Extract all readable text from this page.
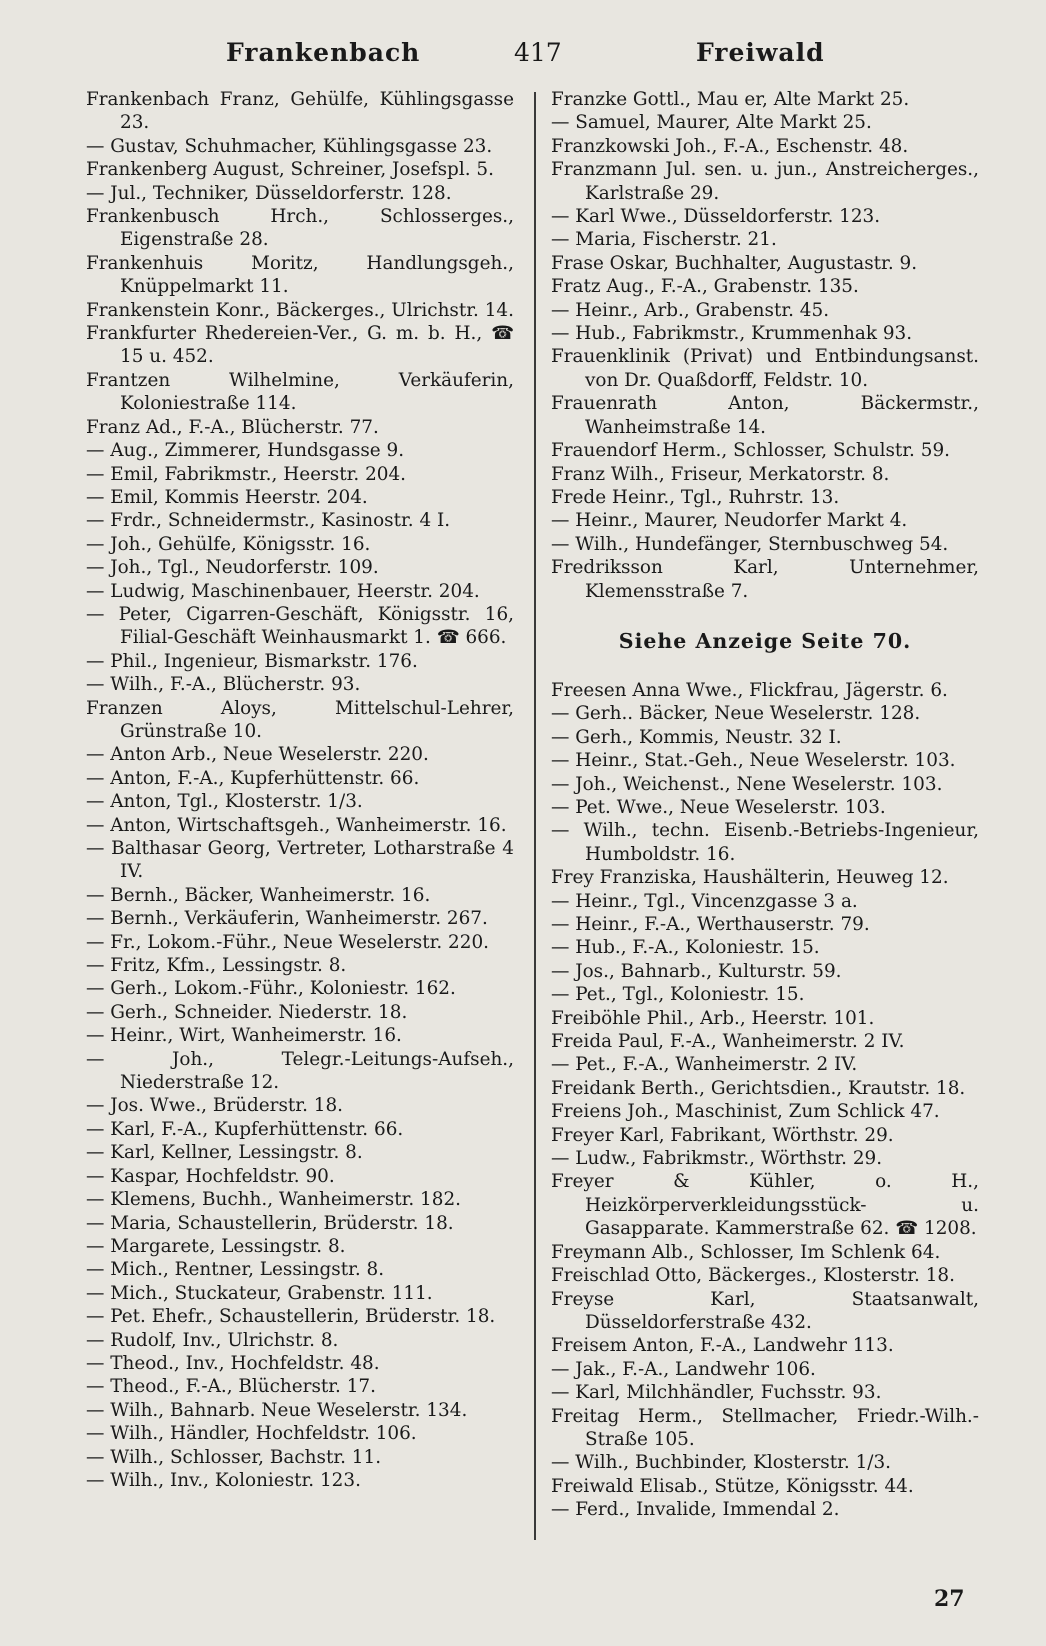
Frankenbach	417	Freiwald
Frankenbach Franz, Gehülfe, Kühlingsgasse 23.
— Gustav, Schuhmacher, Kühlingsgasse 23.
Frankenberg August, Schreiner, Josefspl. 5.
— Jul., Techniker, Düsseldorferstr. 128.
Frankenbusch Hrch., Schlosserges., Eigenstraße 28.
Frankenhuis Moritz, Handlungsgeh., Knüppelmarkt 11.
Frankenstein Konr., Bäckerges., Ulrichstr. 14.
Frankfurter Rhedereien-Ver., G. m. b. H., ☎ 15 u. 452.
Frantzen Wilhelmine, Verkäuferin, Koloniestraße 114.
Franz Ad., F.-A., Blücherstr. 77.
— Aug., Zimmerer, Hundsgasse 9.
— Emil, Fabrikmstr., Heerstr. 204.
— Emil, Kommis Heerstr. 204.
— Frdr., Schneidermstr., Kasinostr. 4 I.
— Joh., Gehülfe, Königsstr. 16.
— Joh., Tgl., Neudorferstr. 109.
— Ludwig, Maschinenbauer, Heerstr. 204.
— Peter, Cigarren-Geschäft, Königsstr. 16, Filial-Geschäft Weinhausmarkt 1. ☎ 666.
— Phil., Ingenieur, Bismarkstr. 176.
— Wilh., F.-A., Blücherstr. 93.
Franzen Aloys, Mittelschul-Lehrer, Grünstraße 10.
— Anton Arb., Neue Weselerstr. 220.
— Anton, F.-A., Kupferhüttenstr. 66.
— Anton, Tgl., Klosterstr. 1/3.
— Anton, Wirtschaftsgeh., Wanheimerstr. 16.
— Balthasar Georg, Vertreter, Lotharstraße 4 IV.
— Bernh., Bäcker, Wanheimerstr. 16.
— Bernh., Verkäuferin, Wanheimerstr. 267.
— Fr., Lokom.-Führ., Neue Weselerstr. 220.
— Fritz, Kfm., Lessingstr. 8.
— Gerh., Lokom.-Führ., Koloniestr. 162.
— Gerh., Schneider. Niederstr. 18.
— Heinr., Wirt, Wanheimerstr. 16.
— Joh., Telegr.-Leitungs-Aufseh., Niederstraße 12.
— Jos. Wwe., Brüderstr. 18.
— Karl, F.-A., Kupferhüttenstr. 66.
— Karl, Kellner, Lessingstr. 8.
— Kaspar, Hochfeldstr. 90.
— Klemens, Buchh., Wanheimerstr. 182.
— Maria, Schaustellerin, Brüderstr. 18.
— Margarete, Lessingstr. 8.
— Mich., Rentner, Lessingstr. 8.
— Mich., Stuckateur, Grabenstr. 111.
— Pet. Ehefr., Schaustellerin, Brüderstr. 18.
— Rudolf, Inv., Ulrichstr. 8.
— Theod., Inv., Hochfeldstr. 48.
— Theod., F.-A., Blücherstr. 17.
— Wilh., Bahnarb. Neue Weselerstr. 134.
— Wilh., Händler, Hochfeldstr. 106.
— Wilh., Schlosser, Bachstr. 11.
— Wilh., Inv., Koloniestr. 123.
Franzke Gottl., Mau er, Alte Markt 25.
— Samuel, Maurer, Alte Markt 25.
Franzkowski Joh., F.-A., Eschenstr. 48.
Franzmann Jul. sen. u. jun., Anstreicherges., Karlstraße 29.
— Karl Wwe., Düsseldorferstr. 123.
— Maria, Fischerstr. 21.
Frase Oskar, Buchhalter, Augustastr. 9.
Fratz Aug., F.-A., Grabenstr. 135.
— Heinr., Arb., Grabenstr. 45.
— Hub., Fabrikmstr., Krummenhak 93.
Frauenklinik (Privat) und Entbindungsanst. von Dr. Quaßdorff, Feldstr. 10.
Frauenrath Anton, Bäckermstr., Wanheimstraße 14.
Frauendorf Herm., Schlosser, Schulstr. 59.
Franz Wilh., Friseur, Merkatorstr. 8.
Frede Heinr., Tgl., Ruhrstr. 13.
— Heinr., Maurer, Neudorfer Markt 4.
— Wilh., Hundefänger, Sternbuschweg 54.
Fredriksson Karl, Unternehmer, Klemensstraße 7.
Siehe Anzeige Seite 70.
Freesen Anna Wwe., Flickfrau, Jägerstr. 6.
— Gerh.. Bäcker, Neue Weselerstr. 128.
— Gerh., Kommis, Neustr. 32 I.
— Heinr., Stat.-Geh., Neue Weselerstr. 103.
— Joh., Weichenst., Nene Weselerstr. 103.
— Pet. Wwe., Neue Weselerstr. 103.
— Wilh., techn. Eisenb.-Betriebs-Ingenieur, Humboldstr. 16.
Frey Franziska, Haushälterin, Heuweg 12.
— Heinr., Tgl., Vincenzgasse 3 a.
— Heinr., F.-A., Werthauserstr. 79.
— Hub., F.-A., Koloniestr. 15.
— Jos., Bahnarb., Kulturstr. 59.
— Pet., Tgl., Koloniestr. 15.
Freiböhle Phil., Arb., Heerstr. 101.
Freida Paul, F.-A., Wanheimerstr. 2 IV.
— Pet., F.-A., Wanheimerstr. 2 IV.
Freidank Berth., Gerichtsdien., Krautstr. 18.
Freiens Joh., Maschinist, Zum Schlick 47.
Freyer Karl, Fabrikant, Wörthstr. 29.
— Ludw., Fabrikmstr., Wörthstr. 29.
Freyer & Kühler, o. H., Heizkörperverkleidungsstück- u. Gasapparate. Kammerstraße 62. ☎ 1208.
Freymann Alb., Schlosser, Im Schlenk 64.
Freischlad Otto, Bäckerges., Klosterstr. 18.
Freyse Karl, Staatsanwalt, Düsseldorferstraße 432.
Freisem Anton, F.-A., Landwehr 113.
— Jak., F.-A., Landwehr 106.
— Karl, Milchhändler, Fuchsstr. 93.
Freitag Herm., Stellmacher, Friedr.-Wilh.-Straße 105.
— Wilh., Buchbinder, Klosterstr. 1/3.
Freiwald Elisab., Stütze, Königsstr. 44.
— Ferd., Invalide, Immendal 2.
27
